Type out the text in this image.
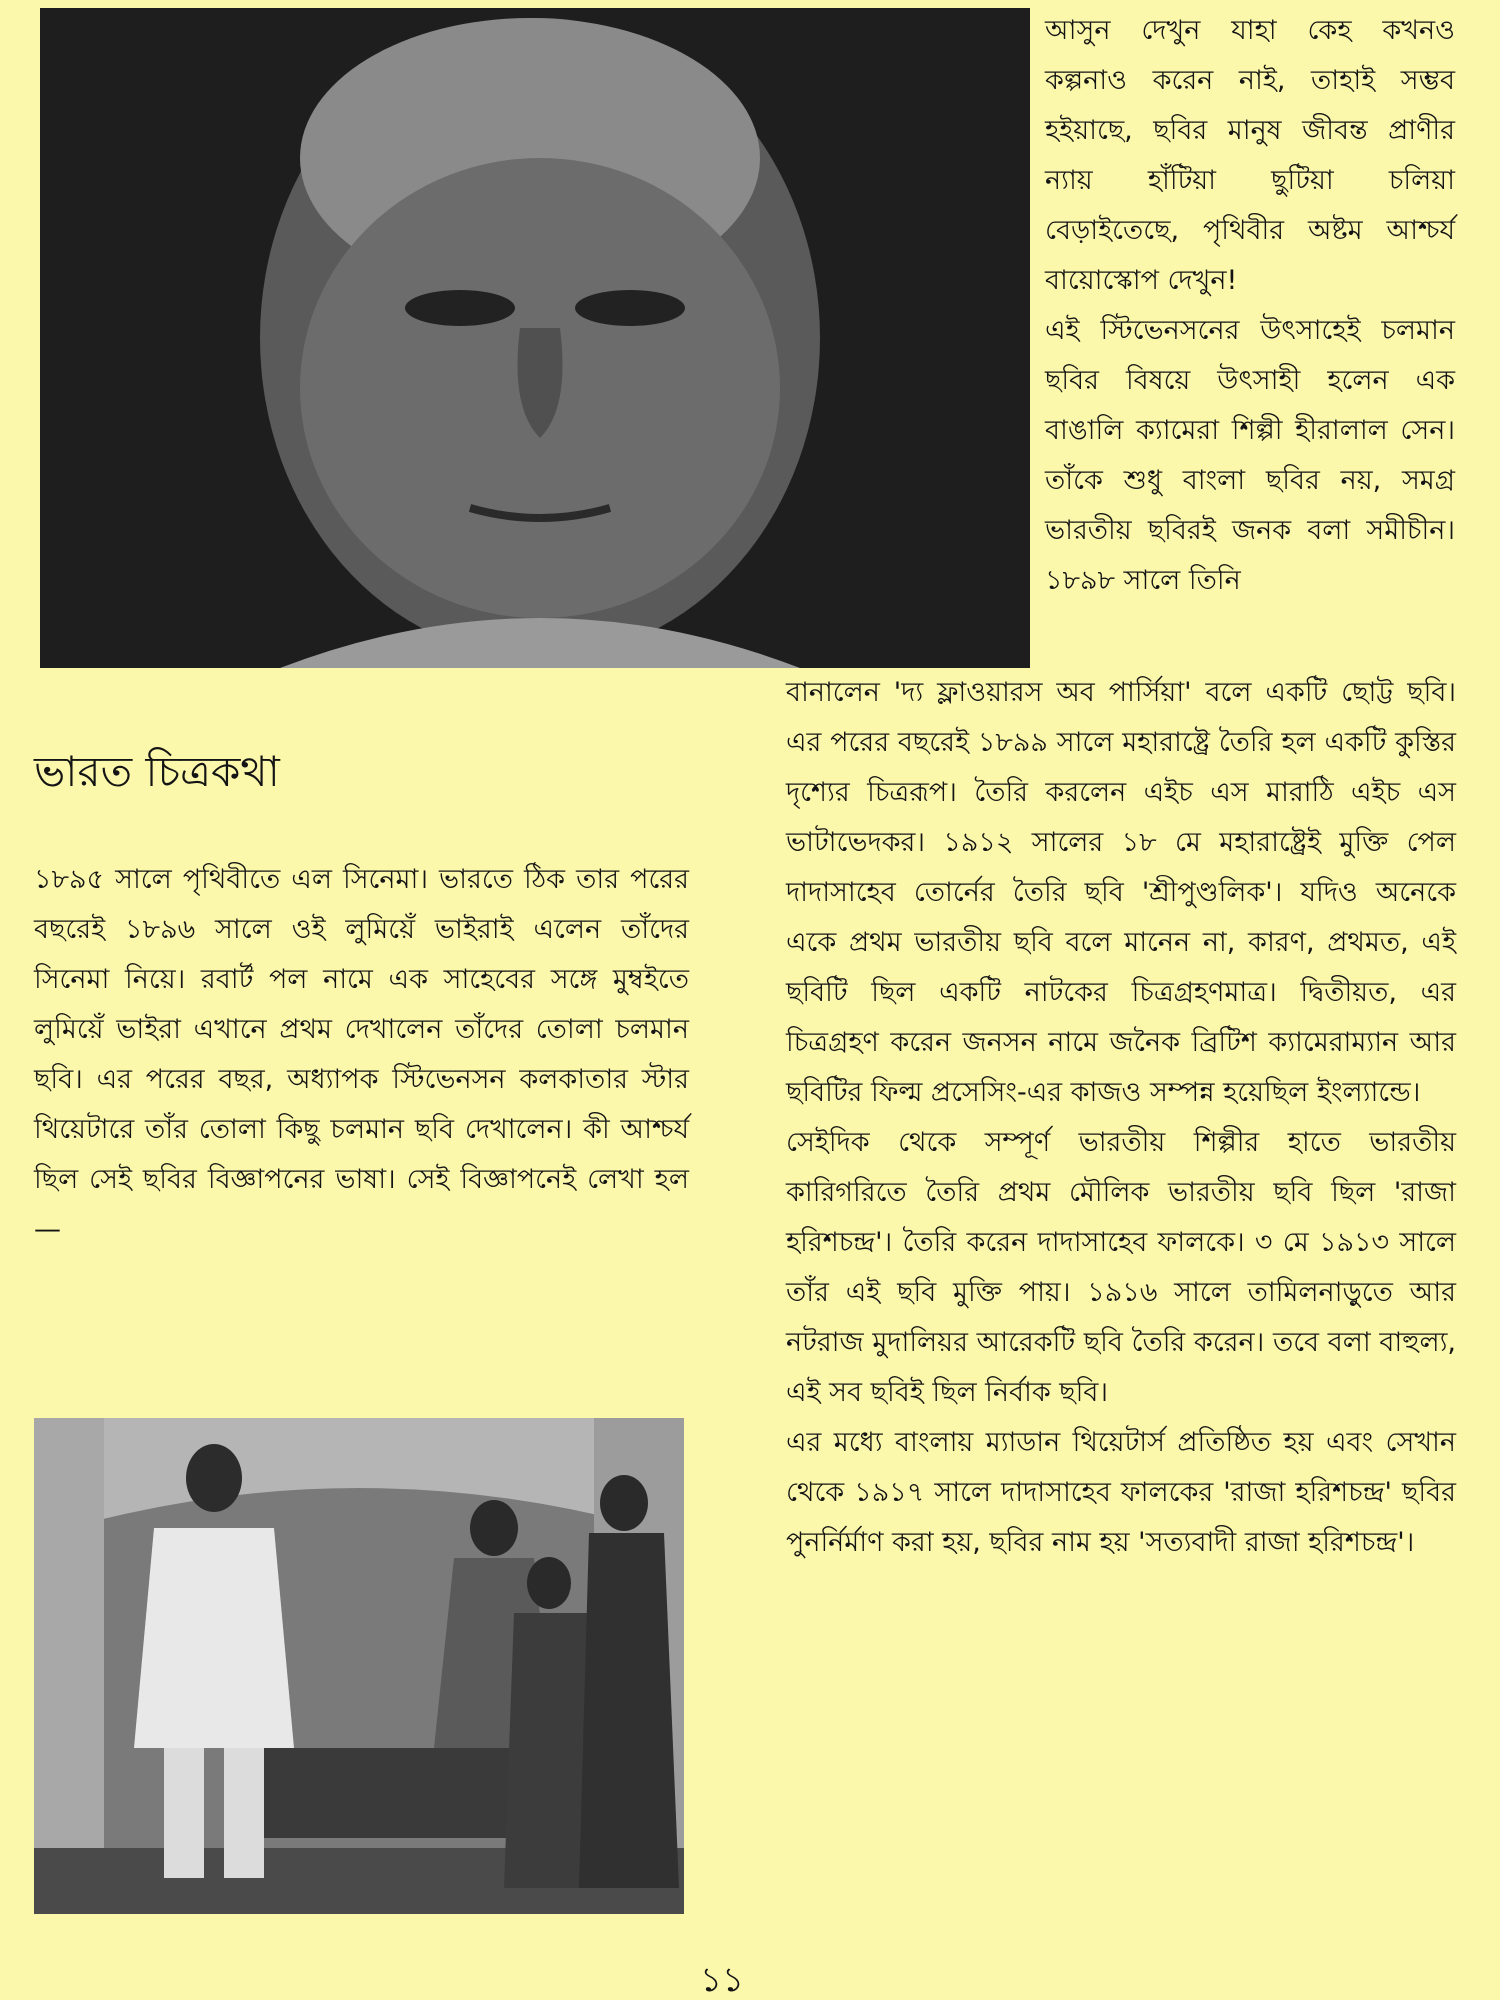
আসুন দেখুন যাহা কেহ কখনও কল্পনাও করেন নাই, তাহাই সম্ভব হইয়াছে, ছবির মানুষ জীবন্ত প্রাণীর ন্যায় হাঁটিয়া ছুটিয়া চলিয়া বেড়াইতেছে, পৃথিবীর অষ্টম আশ্চর্য বায়োস্কোপ দেখুন!
এই স্টিভেনসনের উৎসাহেই চলমান ছবির বিষয়ে উৎসাহী হলেন এক বাঙালি ক্যামেরা শিল্পী হীরালাল সেন। তাঁকে শুধু বাংলা ছবির নয়, সমগ্র ভারতীয় ছবিরই জনক বলা সমীচীন। ১৮৯৮ সালে তিনি

ভারত চিত্রকথা

১৮৯৫ সালে পৃথিবীতে এল সিনেমা। ভারতে ঠিক তার পরের বছরেই ১৮৯৬ সালে ওই লুমিয়েঁ ভাইরাই এলেন তাঁদের সিনেমা নিয়ে। রবার্ট পল নামে এক সাহেবের সঙ্গে মুম্বইতে লুমিয়েঁ ভাইরা এখানে প্রথম দেখালেন তাঁদের তোলা চলমান ছবি। এর পরের বছর, অধ্যাপক স্টিভেনসন কলকাতার স্টার থিয়েটারে তাঁর তোলা কিছু চলমান ছবি দেখালেন। কী আশ্চর্য ছিল সেই ছবির বিজ্ঞাপনের ভাষা। সেই বিজ্ঞাপনেই লেখা হল—

বানালেন 'দ্য ফ্লাওয়ারস অব পার্সিয়া' বলে একটি ছোট্ট ছবি। এর পরের বছরেই ১৮৯৯ সালে মহারাষ্ট্রে তৈরি হল একটি কুস্তির দৃশ্যের চিত্ররূপ। তৈরি করলেন এইচ এস মারাঠি এইচ এস ভাটাভেদকর। ১৯১২ সালের ১৮ মে মহারাষ্ট্রেই মুক্তি পেল দাদাসাহেব তোর্নের তৈরি ছবি 'শ্রীপুণ্ডলিক'। যদিও অনেকে একে প্রথম ভারতীয় ছবি বলে মানেন না, কারণ, প্রথমত, এই ছবিটি ছিল একটি নাটকের চিত্রগ্রহণমাত্র। দ্বিতীয়ত, এর চিত্রগ্রহণ করেন জনসন নামে জনৈক ব্রিটিশ ক্যামেরাম্যান আর ছবিটির ফিল্ম প্রসেসিং-এর কাজও সম্পন্ন হয়েছিল ইংল্যান্ডে।
সেইদিক থেকে সম্পূর্ণ ভারতীয় শিল্পীর হাতে ভারতীয় কারিগরিতে তৈরি প্রথম মৌলিক ভারতীয় ছবি ছিল 'রাজা হরিশচন্দ্র'। তৈরি করেন দাদাসাহেব ফালকে। ৩ মে ১৯১৩ সালে তাঁর এই ছবি মুক্তি পায়। ১৯১৬ সালে তামিলনাড়ুতে আর নটরাজ মুদালিয়র আরেকটি ছবি তৈরি করেন। তবে বলা বাহুল্য, এই সব ছবিই ছিল নির্বাক ছবি।
এর মধ্যে বাংলায় ম্যাডান থিয়েটার্স প্রতিষ্ঠিত হয় এবং সেখান থেকে ১৯১৭ সালে দাদাসাহেব ফালকের 'রাজা হরিশচন্দ্র' ছবির পুনর্নির্মাণ করা হয়, ছবির নাম হয় 'সত্যবাদী রাজা হরিশচন্দ্র'।

১১
